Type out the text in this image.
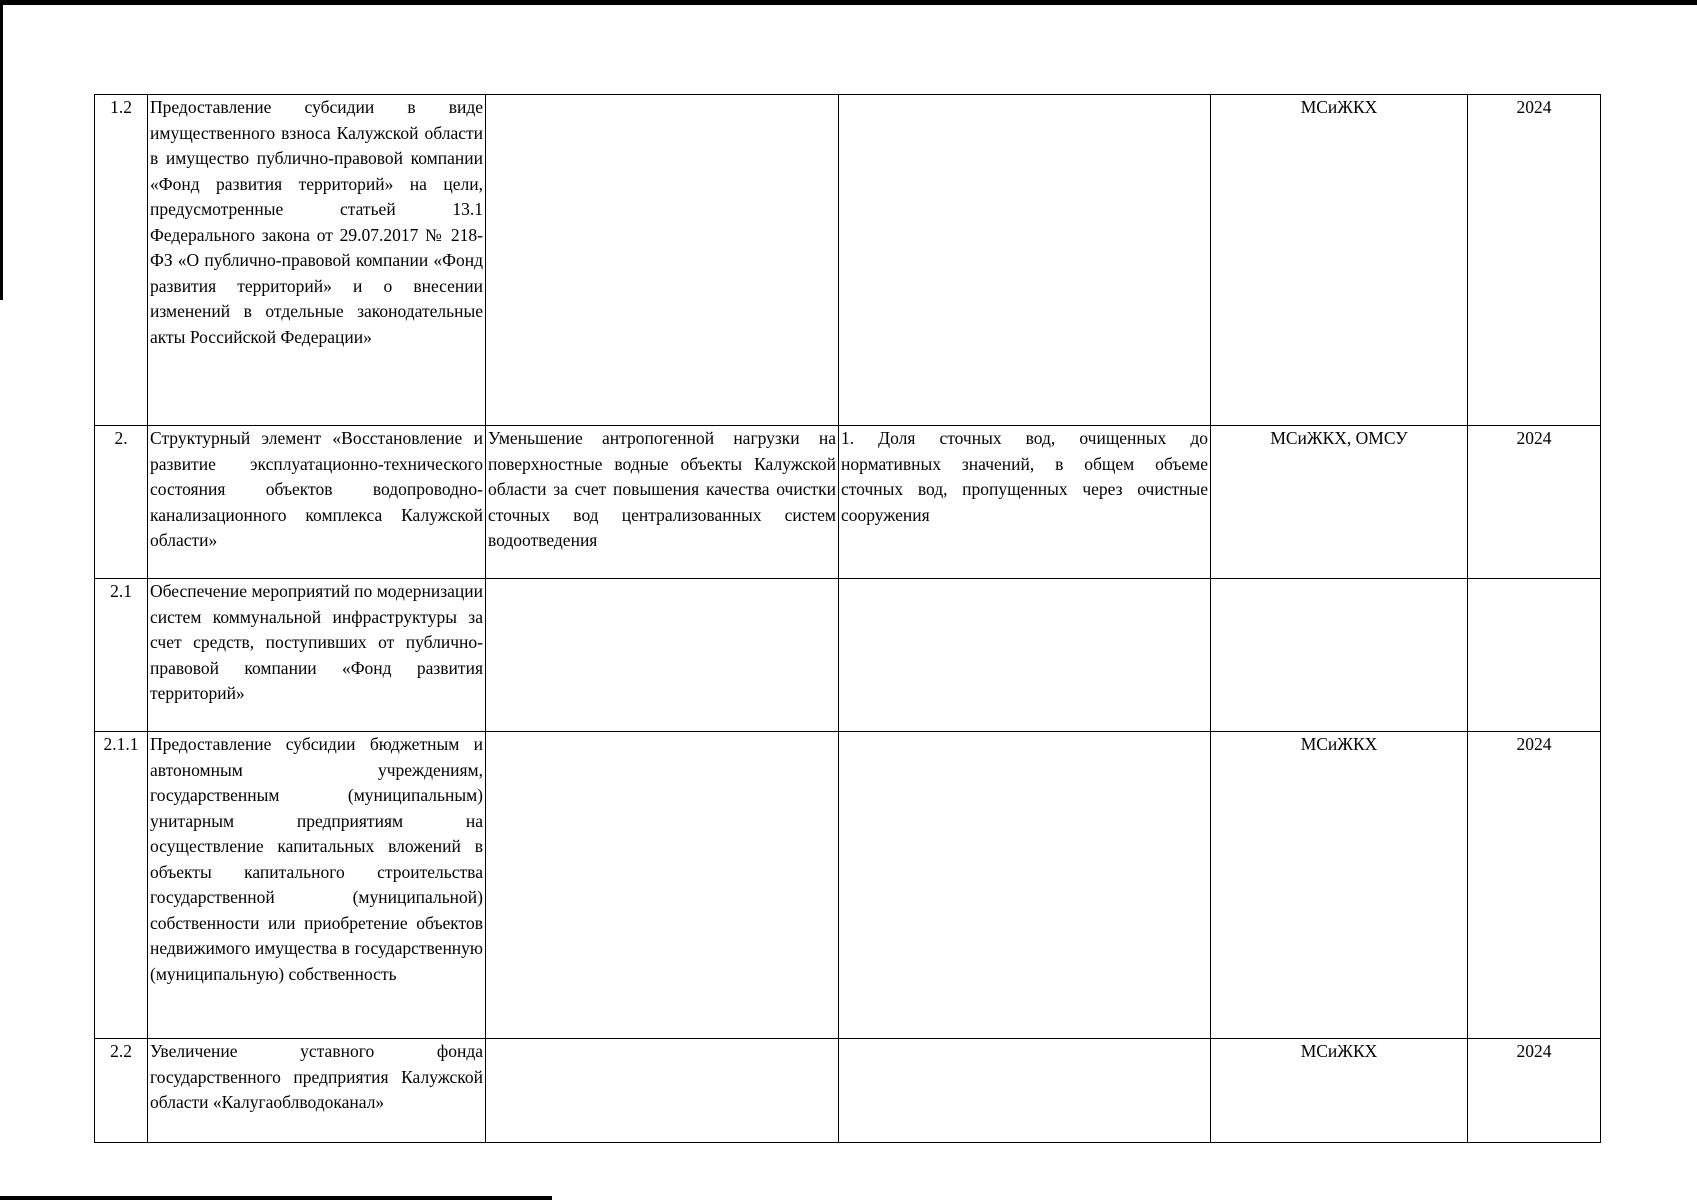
1.2	Предоставление субсидии в виде имущественного взноса Калужской области в имущество публично-правовой компании «Фонд развития территорий» на цели, предусмотренные статьей 13.1 Федерального закона от 29.07.2017 № 218-ФЗ «О публично-правовой компании «Фонд развития территорий» и о внесении изменений в отдельные законодательные акты Российской Федерации»			МСиЖКХ	2024
2.	Структурный элемент «Восстановление и развитие эксплуатационно-технического состояния объектов водопроводно-канализационного комплекса Калужской области»	Уменьшение антропогенной нагрузки на поверхностные водные объекты Калужской области за счет повышения качества очистки сточных вод централизованных систем водоотведения	1. Доля сточных вод, очищенных до нормативных значений, в общем объеме сточных вод, пропущенных через очистные сооружения	МСиЖКХ, ОМСУ	2024
2.1	Обеспечение мероприятий по модернизации систем коммунальной инфраструктуры за счет средств, поступивших от публично-правовой компании «Фонд развития территорий»				
2.1.1	Предоставление субсидии бюджетным и автономным учреждениям, государственным (муниципальным) унитарным предприятиям на осуществление капитальных вложений в объекты капитального строительства государственной (муниципальной) собственности или приобретение объектов недвижимого имущества в государственную (муниципальную) собственность			МСиЖКХ	2024
2.2	Увеличение уставного фонда государственного предприятия Калужской области «Калугаоблводоканал»			МСиЖКХ	2024
